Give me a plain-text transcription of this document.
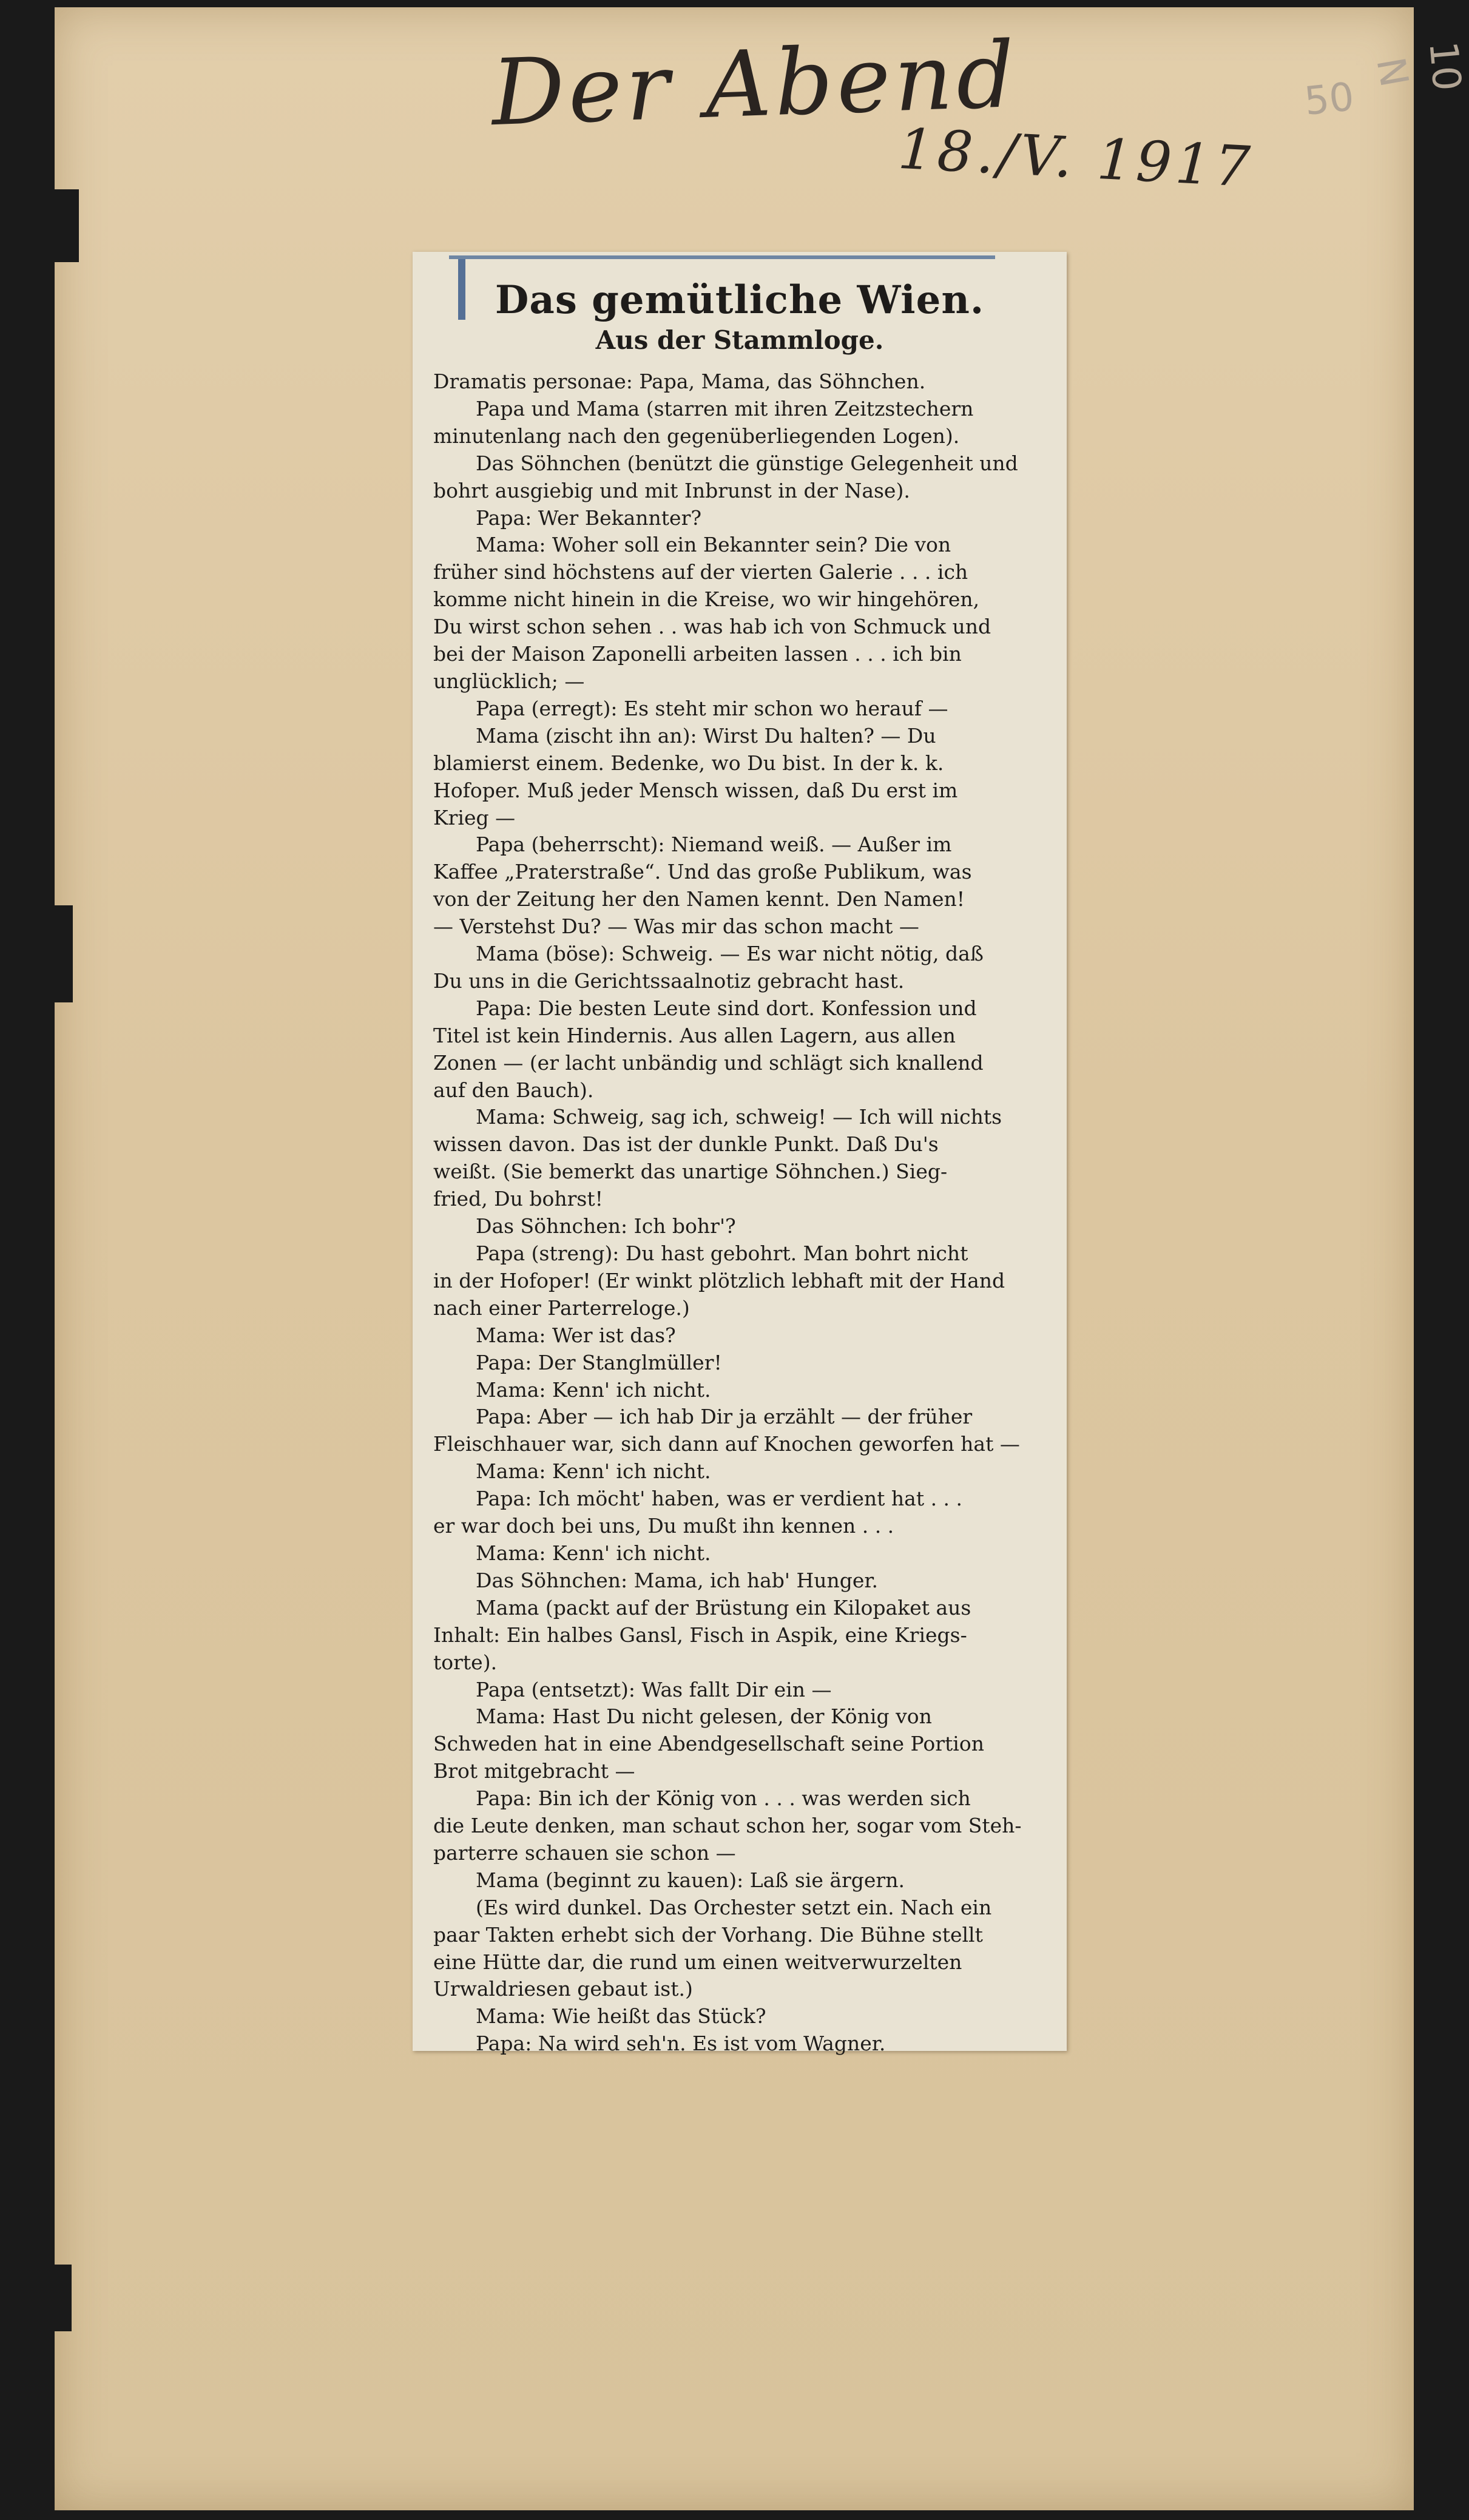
Der Abend
18./V. 1917
50
N 10
Das gemütliche Wien.
Aus der Stammloge.
Dramatis personae: Papa, Mama, das Söhnchen.
Papa und Mama (starren mit ihren Zeitzstechern
minutenlang nach den gegenüberliegenden Logen).
Das Söhnchen (benützt die günstige Gelegenheit und
bohrt ausgiebig und mit Inbrunst in der Nase).
Papa: Wer Bekannter?
Mama: Woher soll ein Bekannter sein? Die von
früher sind höchstens auf der vierten Galerie . . . ich
komme nicht hinein in die Kreise, wo wir hingehören,
Du wirst schon sehen . . was hab ich von Schmuck und
bei der Maison Zaponelli arbeiten lassen . . . ich bin
unglücklich; —
Papa (erregt): Es steht mir schon wo herauf —
Mama (zischt ihn an): Wirst Du halten? — Du
blamierst einem. Bedenke, wo Du bist. In der k. k.
Hofoper. Muß jeder Mensch wissen, daß Du erst im
Krieg —
Papa (beherrscht): Niemand weiß. — Außer im
Kaffee „Praterstraße“. Und das große Publikum, was
von der Zeitung her den Namen kennt. Den Namen!
— Verstehst Du? — Was mir das schon macht —
Mama (böse): Schweig. — Es war nicht nötig, daß
Du uns in die Gerichtssaalnotiz gebracht hast.
Papa: Die besten Leute sind dort. Konfession und
Titel ist kein Hindernis. Aus allen Lagern, aus allen
Zonen — (er lacht unbändig und schlägt sich knallend
auf den Bauch).
Mama: Schweig, sag ich, schweig! — Ich will nichts
wissen davon. Das ist der dunkle Punkt. Daß Du's
weißt. (Sie bemerkt das unartige Söhnchen.) Sieg-
fried, Du bohrst!
Das Söhnchen: Ich bohr'?
Papa (streng): Du hast gebohrt. Man bohrt nicht
in der Hofoper! (Er winkt plötzlich lebhaft mit der Hand
nach einer Parterreloge.)
Mama: Wer ist das?
Papa: Der Stanglmüller!
Mama: Kenn' ich nicht.
Papa: Aber — ich hab Dir ja erzählt — der früher
Fleischhauer war, sich dann auf Knochen geworfen hat —
Mama: Kenn' ich nicht.
Papa: Ich möcht' haben, was er verdient hat . . .
er war doch bei uns, Du mußt ihn kennen . . .
Mama: Kenn' ich nicht.
Das Söhnchen: Mama, ich hab' Hunger.
Mama (packt auf der Brüstung ein Kilopaket aus
Inhalt: Ein halbes Gansl, Fisch in Aspik, eine Kriegs-
torte).
Papa (entsetzt): Was fallt Dir ein —
Mama: Hast Du nicht gelesen, der König von
Schweden hat in eine Abendgesellschaft seine Portion
Brot mitgebracht —
Papa: Bin ich der König von . . . was werden sich
die Leute denken, man schaut schon her, sogar vom Steh-
parterre schauen sie schon —
Mama (beginnt zu kauen): Laß sie ärgern.
(Es wird dunkel. Das Orchester setzt ein. Nach ein
paar Takten erhebt sich der Vorhang. Die Bühne stellt
eine Hütte dar, die rund um einen weitverwurzelten
Urwaldriesen gebaut ist.)
Mama: Wie heißt das Stück?
Papa: Na wird seh'n. Es ist vom Wagner.
